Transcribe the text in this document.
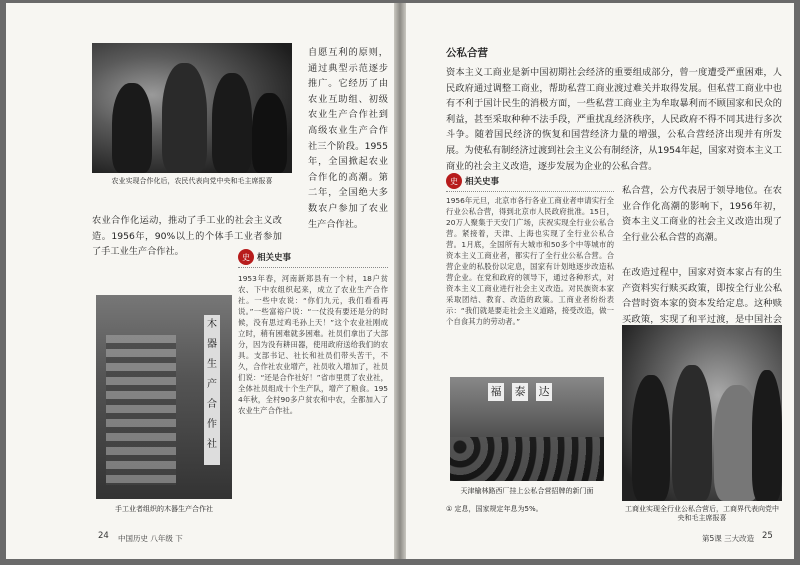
农业实现合作化后，农民代表向党中央和毛主席报喜
自愿互利的原则，通过典型示范逐步推广。它经历了由农业互助组、初级农业生产合作社到高级农业生产合作社三个阶段。1955年，全国掀起农业合作化的高潮。第二年，全国绝大多数农户参加了农业生产合作社。
农业合作化运动，推动了手工业的社会主义改造。1956年，90%以上的个体手工业者参加了手工业生产合作社。	史 相关史事
1953年春，河南新郑县有一个村，18户贫农、下中农组织起来，成立了农业生产合作社。一些中农说：“你们九元，我们看看再说。”一些富裕户说：“一仗没有要还是分的时候，没有思过鸡毛孙上天！”这个农业社刚成立时，稍有困难就多困难。社员们拿出了大部分，因为没有耕田器，使用政府送给我们的农具。支部书记、社长和社员们带头苦干，不久，合作社农业增产，社员收入增加了，社员们说：“还是合作社好！”省市里贯了农业社，全体社员组成十个生产队，增产了粮食。1954年秋，全村90多户贫农和中农，全都加入了农业生产合作社。
木
器
生
产
合
作
社
手工业者组织的木器生产合作社
24 中国历史 八年级 下
公私合营
资本主义工商业是新中国初期社会经济的重要组成部分，曾一度遭受严重困难，人民政府通过调整工商业，帮助私营工商业渡过难关并取得发展。但私营工商业中也有不利于国计民生的消极方面，一些私营工商业主为牟取暴利而不顾国家和民众的利益，甚至采取种种不法手段，严重扰乱经济秩序，人民政府不得不同其进行多次斗争。随着国民经济的恢复和国营经济力量的增强，公私合营经济出现并有所发展。为使私有制经济过渡到社会主义公有制经济，从1954年起，国家对资本主义工商业的社会主义改造，逐步发展为企业的公私合营。
史 相关史事
1956年元旦，北京市各行各业工商业者申请实行全行业公私合营，得到北京市人民政府批准。15日，20万人聚集于天安门广场，庆祝实现全行业公私合营。紧接着，天津、上海也实现了全行业公私合营。1月底，全国所有大城市和50多个中等城市的资本主义工商业者，都实行了全行业公私合营。合营企业的私股份以定息，国家有计划地逐步改造私营企业。在党和政府的领导下，通过各种形式，对资本主义工商业进行社会主义改造。对民族资本家采取团结、教育、改造的政策。工商业者纷纷表示：“我们就是要走社会主义道路，接受改造，做一个自食其力的劳动者。”
私合营，公方代表居于领导地位。在农业合作化高潮的影响下，1956年初，资本主义工商业的社会主义改造出现了全行业公私合营的高潮。
在改造过程中，国家对资本家占有的生产资料实行赎买政策，即按全行业公私合营时资本家的资本发给定息。这种赎买政策，实现了和平过渡，是中国社会
福 泰 达
天津榆林路西厂挂上公私合营招牌的新门面
① 定息，国家规定年息为5%。	工商业实现全行业公私合营后，工商界代表向党中央和毛主席报喜
第5课 三大改造 25
